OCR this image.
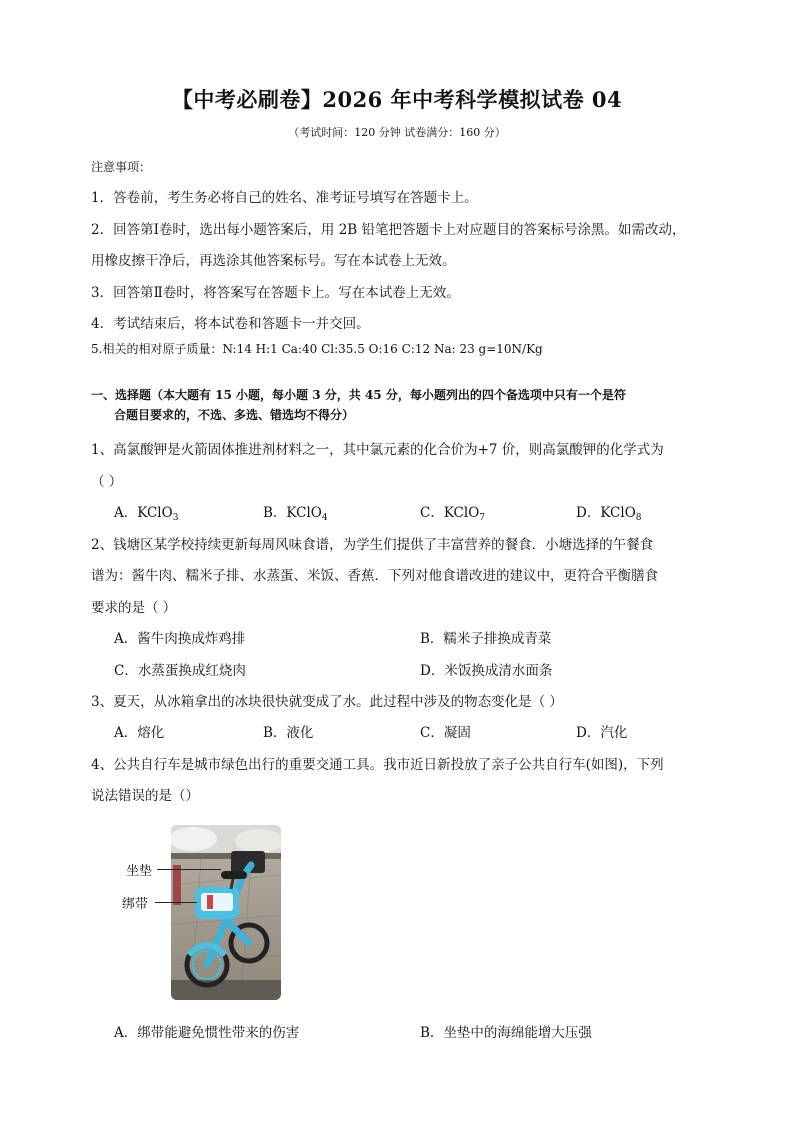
【中考必刷卷】2026 年中考科学模拟试卷 04
（考试时间：120 分钟 试卷满分：160 分）
注意事项：
1．答卷前，考生务必将自己的姓名、准考证号填写在答题卡上。
2．回答第Ⅰ卷时，选出每小题答案后，用 2B 铅笔把答题卡上对应题目的答案标号涂黑。如需改动，
用橡皮擦干净后，再选涂其他答案标号。写在本试卷上无效。
3．回答第Ⅱ卷时，将答案写在答题卡上。写在本试卷上无效。
4．考试结束后，将本试卷和答题卡一并交回。
5.相关的相对原子质量：N:14 H:1 Ca:40 Cl:35.5 O:16 C:12 Na: 23 g=10N/Kg
一、选择题（本大题有 15 小题，每小题 3 分，共 45 分，每小题列出的四个备选项中只有一个是符
合题目要求的，不选、多选、错选均不得分）
1、高氯酸钾是火箭固体推进剂材料之一，其中氯元素的化合价为+7 价，则高氯酸钾的化学式为
（ ）
A．KClO$_3$	B．KClO$_4$	C．KClO$_7$	D．KClO$_8$
2、钱塘区某学校持续更新每周风味食谱，为学生们提供了丰富营养的餐食．小塘选择的午餐食
谱为：酱牛肉、糯米子排、水蒸蛋、米饭、香蕉．下列对他食谱改进的建议中，更符合平衡膳食
要求的是（ ）
A．酱牛肉换成炸鸡排	B．糯米子排换成青菜
C．水蒸蛋换成红烧肉	D．米饭换成清水面条
3、夏天，从冰箱拿出的冰块很快就变成了水。此过程中涉及的物态变化是（ ）
A．熔化	B．液化	C．凝固	D．汽化
4、公共自行车是城市绿色出行的重要交通工具。我市近日新投放了亲子公共自行车(如图)，下列
说法错误的是（）
坐垫
绑带
A．绑带能避免惯性带来的伤害	B．坐垫中的海绵能增大压强
